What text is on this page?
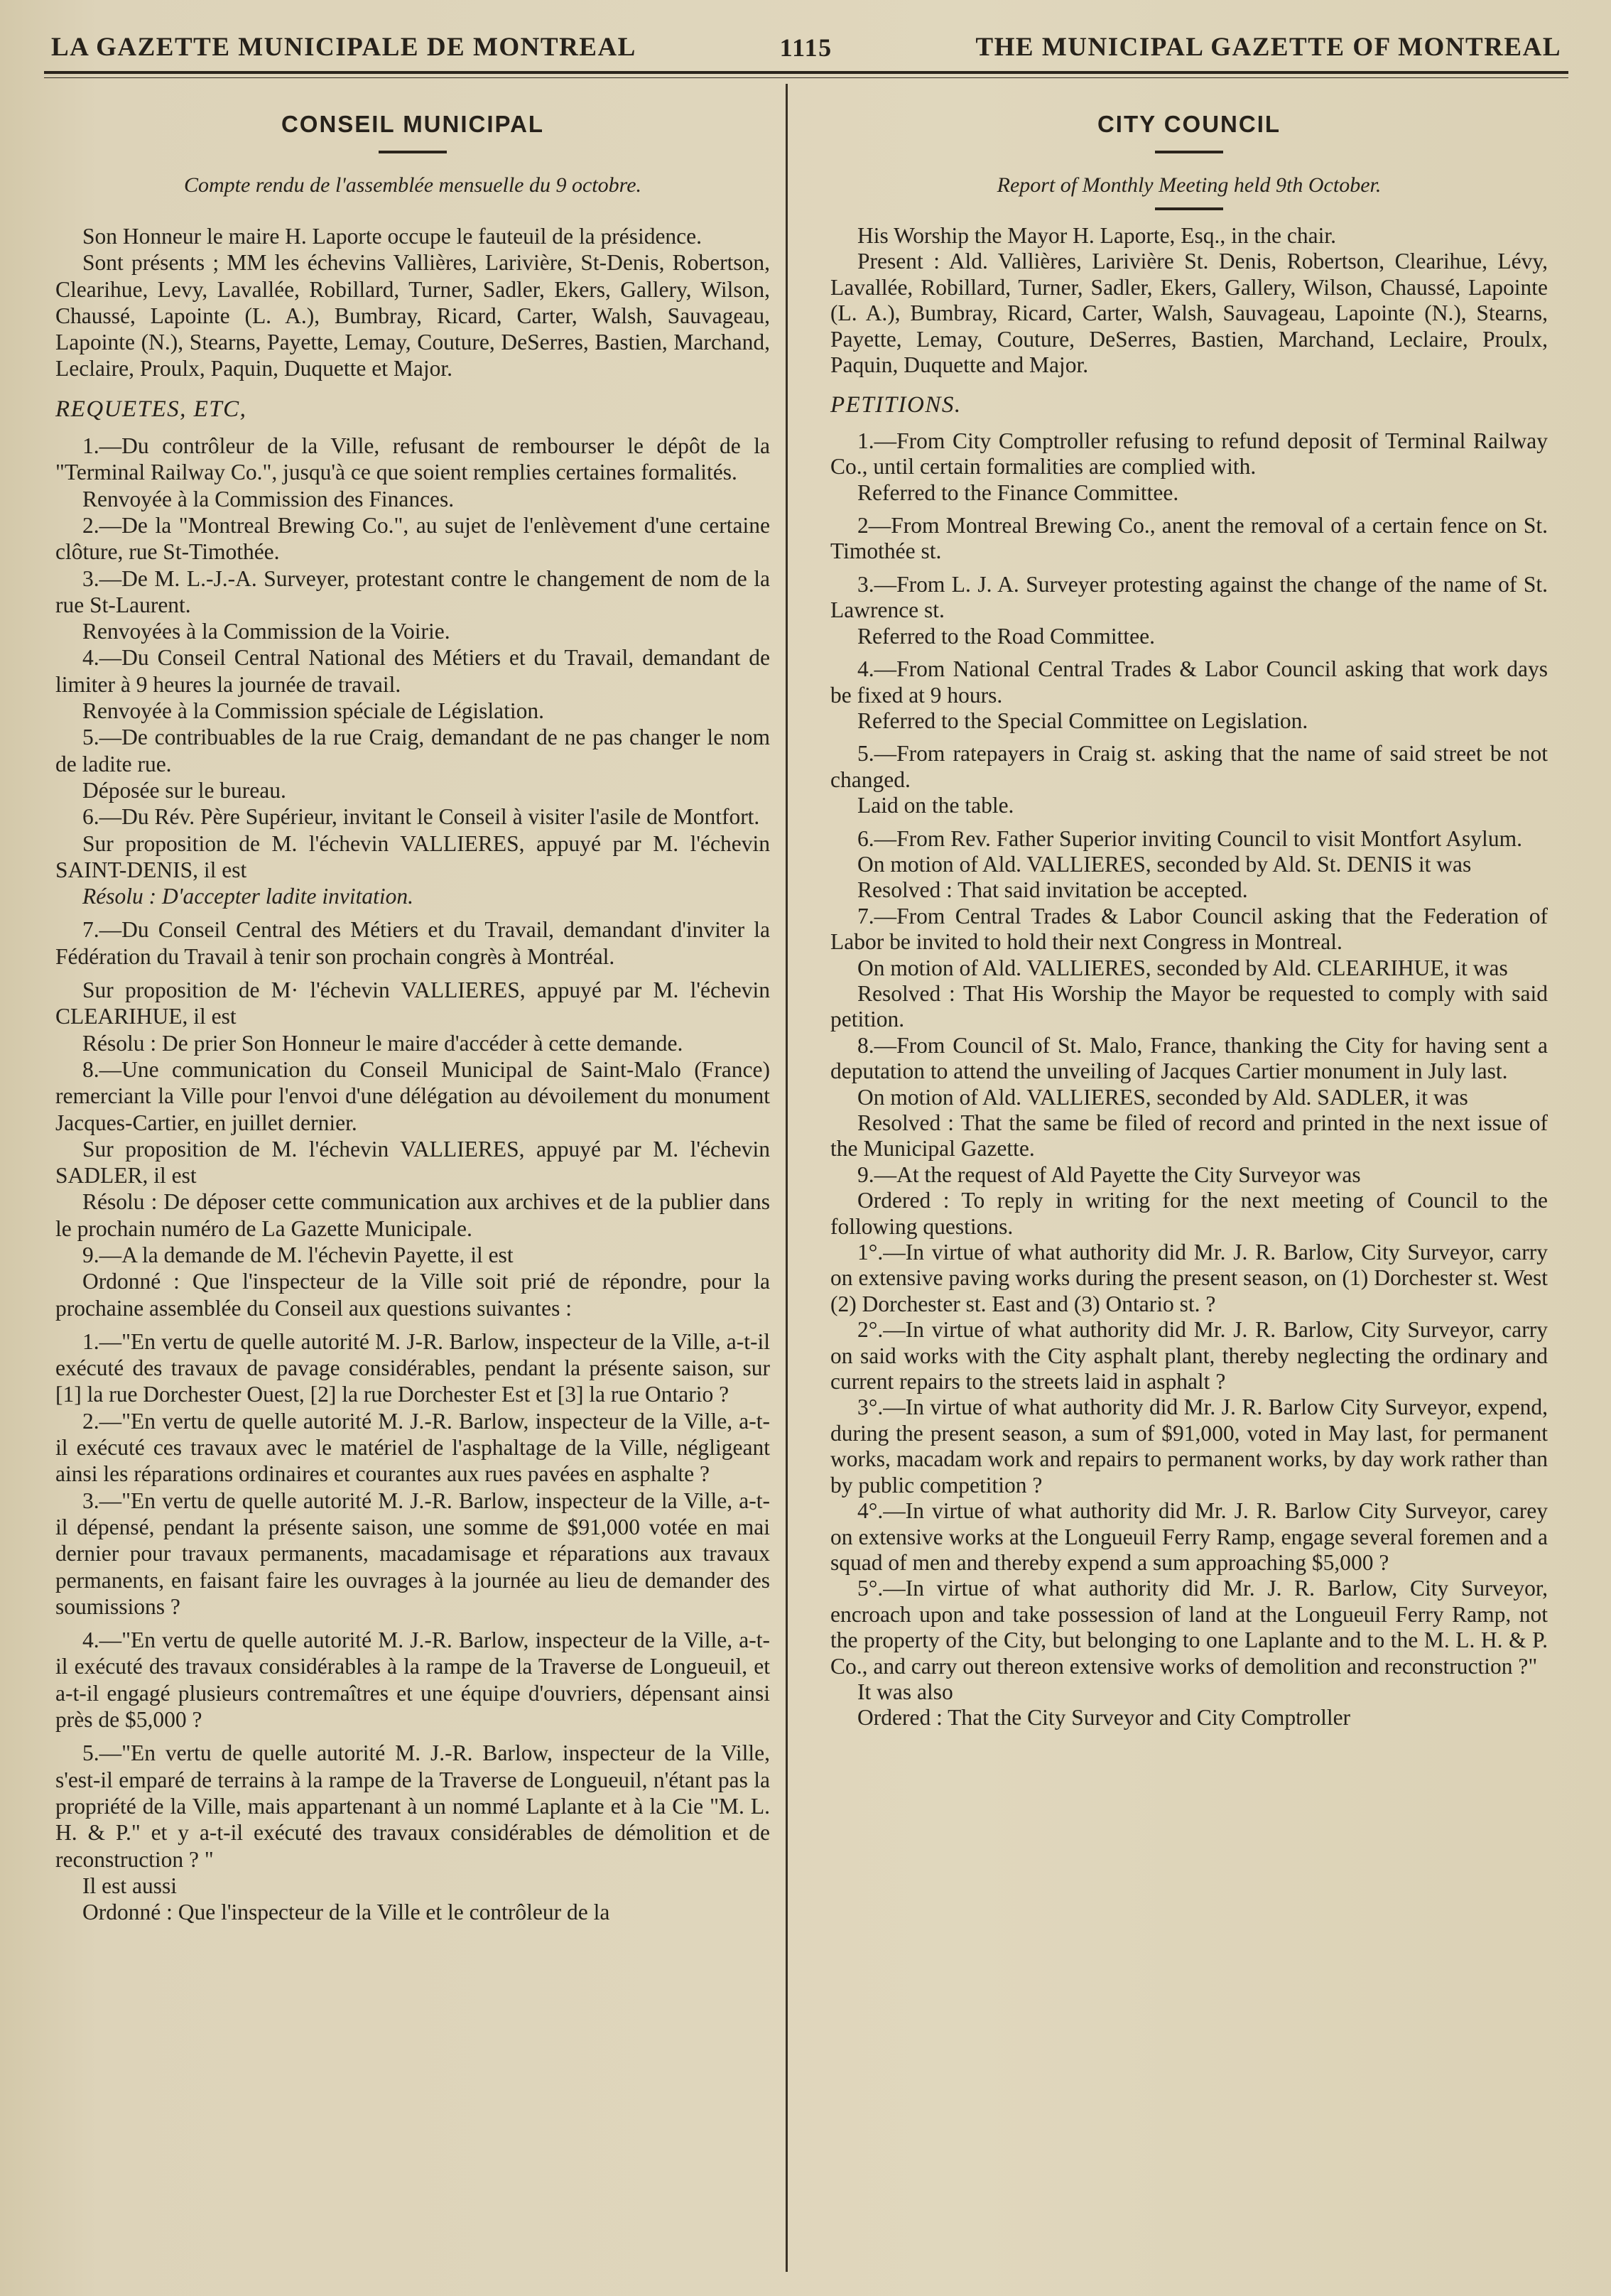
LA GAZETTE MUNICIPALE DE MONTREAL	1115	THE MUNICIPAL GAZETTE OF MONTREAL
CONSEIL MUNICIPAL
Compte rendu de l'assemblée mensuelle du 9 octobre.

Son Honneur le maire H. Laporte occupe le fauteuil de la présidence.

Sont présents ; MM les échevins Vallières, Larivière, St-Denis, Robertson, Clearihue, Levy, Lavallée, Robillard, Turner, Sadler, Ekers, Gallery, Wilson, Chaussé, Lapointe (L. A.), Bumbray, Ricard, Carter, Walsh, Sauvageau, Lapointe (N.), Stearns, Payette, Lemay, Couture, DeSerres, Bastien, Marchand, Leclaire, Proulx, Paquin, Duquette et Major.

REQUETES, ETC,

1.—Du contrôleur de la Ville, refusant de rembourser le dépôt de la "Terminal Railway Co.", jusqu'à ce que soient remplies certaines formalités.

Renvoyée à la Commission des Finances.

2.—De la "Montreal Brewing Co.", au sujet de l'enlèvement d'une certaine clôture, rue St-Timothée.

3.—De M. L.-J.-A. Surveyer, protestant contre le changement de nom de la rue St-Laurent.

Renvoyées à la Commission de la Voirie.

4.—Du Conseil Central National des Métiers et du Travail, demandant de limiter à 9 heures la journée de travail.

Renvoyée à la Commission spéciale de Législation.

5.—De contribuables de la rue Craig, demandant de ne pas changer le nom de ladite rue.

Déposée sur le bureau.

6.—Du Rév. Père Supérieur, invitant le Conseil à visiter l'asile de Montfort.

Sur proposition de M. l'échevin VALLIERES, appuyé par M. l'échevin SAINT-DENIS, il est

Résolu : D'accepter ladite invitation.

7.—Du Conseil Central des Métiers et du Travail, demandant d'inviter la Fédération du Travail à tenir son prochain congrès à Montréal.

Sur proposition de M· l'échevin VALLIERES, appuyé par M. l'échevin CLEARIHUE, il est

Résolu : De prier Son Honneur le maire d'accéder à cette demande.

8.—Une communication du Conseil Municipal de Saint-Malo (France) remerciant la Ville pour l'envoi d'une délégation au dévoilement du monument Jacques-Cartier, en juillet dernier.

Sur proposition de M. l'échevin VALLIERES, appuyé par M. l'échevin SADLER, il est

Résolu : De déposer cette communication aux archives et de la publier dans le prochain numéro de La Gazette Municipale.

9.—A la demande de M. l'échevin Payette, il est

Ordonné : Que l'inspecteur de la Ville soit prié de répondre, pour la prochaine assemblée du Conseil aux questions suivantes :

1.—"En vertu de quelle autorité M. J-R. Barlow, inspecteur de la Ville, a-t-il exécuté des travaux de pavage considérables, pendant la présente saison, sur [1] la rue Dorchester Ouest, [2] la rue Dorchester Est et [3] la rue Ontario ?

2.—"En vertu de quelle autorité M. J.-R. Barlow, inspecteur de la Ville, a-t-il exécuté ces travaux avec le matériel de l'asphaltage de la Ville, négligeant ainsi les réparations ordinaires et courantes aux rues pavées en asphalte ?

3.—"En vertu de quelle autorité M. J.-R. Barlow, inspecteur de la Ville, a-t-il dépensé, pendant la présente saison, une somme de $91,000 votée en mai dernier pour travaux permanents, macadamisage et réparations aux travaux permanents, en faisant faire les ouvrages à la journée au lieu de demander des soumissions ?

4.—"En vertu de quelle autorité M. J.-R. Barlow, inspecteur de la Ville, a-t-il exécuté des travaux considérables à la rampe de la Traverse de Longueuil, et a-t-il engagé plusieurs contremaîtres et une équipe d'ouvriers, dépensant ainsi près de $5,000 ?

5.—"En vertu de quelle autorité M. J.-R. Barlow, inspecteur de la Ville, s'est-il emparé de terrains à la rampe de la Traverse de Longueuil, n'étant pas la propriété de la Ville, mais appartenant à un nommé Laplante et à la Cie "M. L. H. & P." et y a-t-il exécuté des travaux considérables de démolition et de reconstruction ? "

Il est aussi

Ordonné : Que l'inspecteur de la Ville et le contrôleur de la

CITY COUNCIL
Report of Monthly Meeting held 9th October.

His Worship the Mayor H. Laporte, Esq., in the chair.

Present : Ald. Vallières, Larivière St. Denis, Robertson, Clearihue, Lévy, Lavallée, Robillard, Turner, Sadler, Ekers, Gallery, Wilson, Chaussé, Lapointe (L. A.), Bumbray, Ricard, Carter, Walsh, Sauvageau, Lapointe (N.), Stearns, Payette, Lemay, Couture, DeSerres, Bastien, Marchand, Leclaire, Proulx, Paquin, Duquette and Major.

PETITIONS.

1.—From City Comptroller refusing to refund deposit of Terminal Railway Co., until certain formalities are complied with.

Referred to the Finance Committee.

2—From Montreal Brewing Co., anent the removal of a certain fence on St. Timothée st.

3.—From L. J. A. Surveyer protesting against the change of the name of St. Lawrence st.

Referred to the Road Committee.

4.—From National Central Trades & Labor Council asking that work days be fixed at 9 hours.

Referred to the Special Committee on Legislation.

5.—From ratepayers in Craig st. asking that the name of said street be not changed.

Laid on the table.

6.—From Rev. Father Superior inviting Council to visit Montfort Asylum.

On motion of Ald. VALLIERES, seconded by Ald. St. DENIS it was

Resolved : That said invitation be accepted.

7.—From Central Trades & Labor Council asking that the Federation of Labor be invited to hold their next Congress in Montreal.

On motion of Ald. VALLIERES, seconded by Ald. CLEARIHUE, it was

Resolved : That His Worship the Mayor be requested to comply with said petition.

8.—From Council of St. Malo, France, thanking the City for having sent a deputation to attend the unveiling of Jacques Cartier monument in July last.

On motion of Ald. VALLIERES, seconded by Ald. SADLER, it was

Resolved : That the same be filed of record and printed in the next issue of the Municipal Gazette.

9.—At the request of Ald Payette the City Surveyor was

Ordered : To reply in writing for the next meeting of Council to the following questions.

1°.—In virtue of what authority did Mr. J. R. Barlow, City Surveyor, carry on extensive paving works during the present season, on (1) Dorchester st. West (2) Dorchester st. East and (3) Ontario st. ?

2°.—In virtue of what authority did Mr. J. R. Barlow, City Surveyor, carry on said works with the City asphalt plant, thereby neglecting the ordinary and current repairs to the streets laid in asphalt ?

3°.—In virtue of what authority did Mr. J. R. Barlow City Surveyor, expend, during the present season, a sum of $91,000, voted in May last, for permanent works, macadam work and repairs to permanent works, by day work rather than by public competition ?

4°.—In virtue of what authority did Mr. J. R. Barlow City Surveyor, carey on extensive works at the Longueuil Ferry Ramp, engage several foremen and a squad of men and thereby expend a sum approaching $5,000 ?

5°.—In virtue of what authority did Mr. J. R. Barlow, City Surveyor, encroach upon and take possession of land at the Longueuil Ferry Ramp, not the property of the City, but belonging to one Laplante and to the M. L. H. & P. Co., and carry out thereon extensive works of demolition and reconstruction ?"

It was also

Ordered : That the City Surveyor and City Comptroller
